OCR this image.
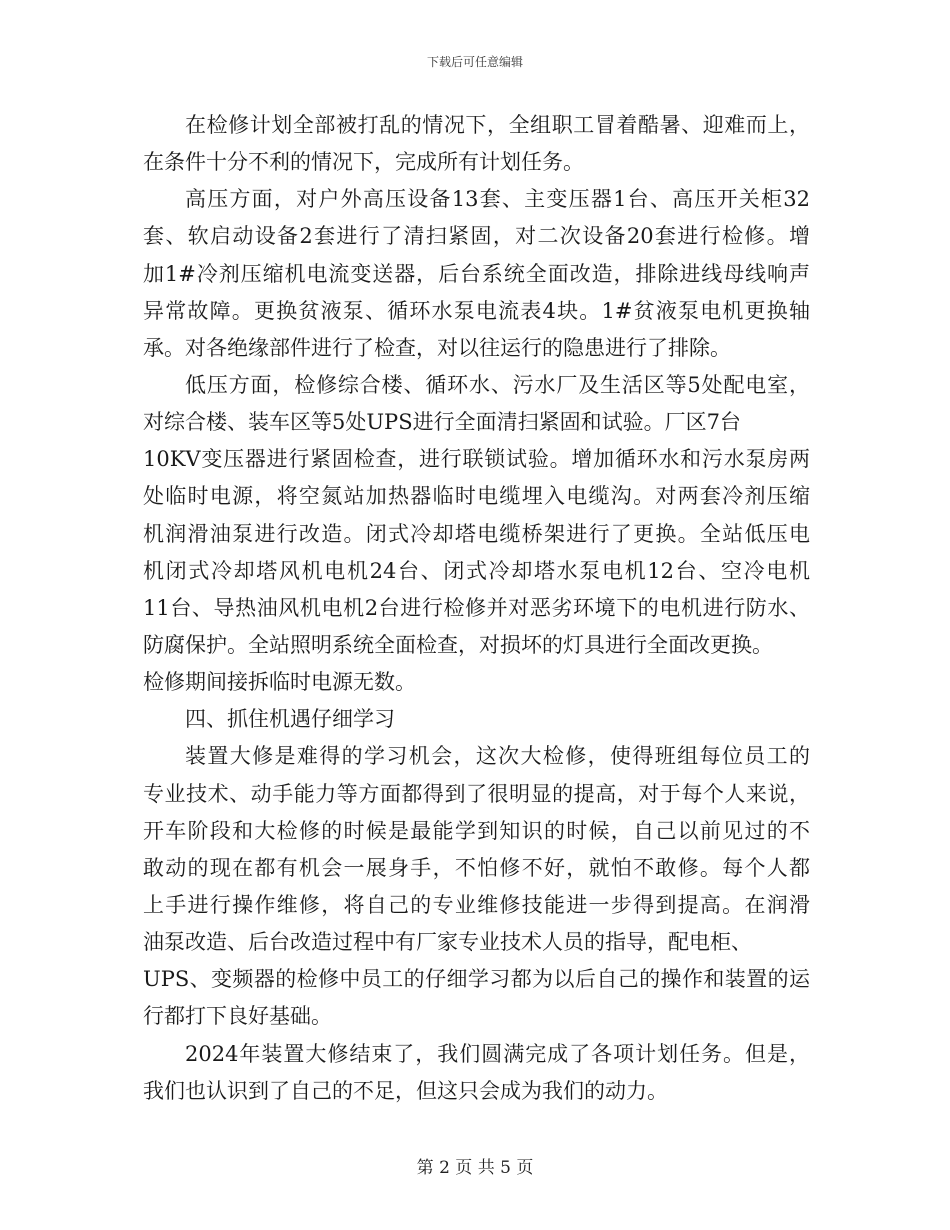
下载后可任意编辑
在检修计划全部被打乱的情况下，全组职工冒着酷暑、迎难而上，
在条件十分不利的情况下，完成所有计划任务。
高压方面，对户外高压设备13套、主变压器1台、高压开关柜32
套、软启动设备2套进行了清扫紧固，对二次设备20套进行检修。增
加1#冷剂压缩机电流变送器，后台系统全面改造，排除进线母线响声
异常故障。更换贫液泵、循环水泵电流表4块。1#贫液泵电机更换轴
承。对各绝缘部件进行了检查，对以往运行的隐患进行了排除。
低压方面，检修综合楼、循环水、污水厂及生活区等5处配电室，
对综合楼、装车区等5处UPS进行全面清扫紧固和试验。厂区7台
10KV变压器进行紧固检查，进行联锁试验。增加循环水和污水泵房两
处临时电源，将空氮站加热器临时电缆埋入电缆沟。对两套冷剂压缩
机润滑油泵进行改造。闭式冷却塔电缆桥架进行了更换。全站低压电
机闭式冷却塔风机电机24台、闭式冷却塔水泵电机12台、空冷电机
11台、导热油风机电机2台进行检修并对恶劣环境下的电机进行防水、
防腐保护。全站照明系统全面检查，对损坏的灯具进行全面改更换。
检修期间接拆临时电源无数。
四、抓住机遇仔细学习
装置大修是难得的学习机会，这次大检修，使得班组每位员工的
专业技术、动手能力等方面都得到了很明显的提高，对于每个人来说，
开车阶段和大检修的时候是最能学到知识的时候，自己以前见过的不
敢动的现在都有机会一展身手，不怕修不好，就怕不敢修。每个人都
上手进行操作维修，将自己的专业维修技能进一步得到提高。在润滑
油泵改造、后台改造过程中有厂家专业技术人员的指导，配电柜、
UPS、变频器的检修中员工的仔细学习都为以后自己的操作和装置的运
行都打下良好基础。
2024年装置大修结束了，我们圆满完成了各项计划任务。但是，
我们也认识到了自己的不足，但这只会成为我们的动力。
第 2 页 共 5 页
